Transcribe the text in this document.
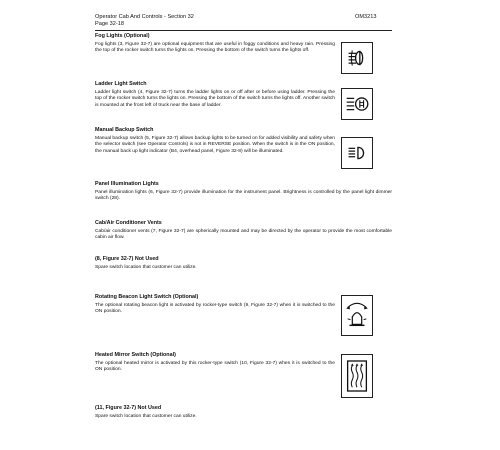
Operator Cab And Controls - Section 32
Page 32-18
OM3213

Fog Lights (Optional)

Fog lights (3, Figure 32-7) are optional equipment that are useful in foggy conditions and heavy rain. Pressing the top of the rocker switch turns the lights on. Pressing the bottom of the switch turns the lights off.

Ladder Light Switch

Ladder light switch (4, Figure 32-7) turns the ladder lights on or off after or before using ladder. Pressing the top of the rocker switch turns the lights on. Pressing the bottom of the switch turns the lights off. Another switch is mounted at the front left of truck near the base of ladder.

Manual Backup Switch

Manual backup switch (5, Figure 32-7) allows backup lights to be turned on for added visibility and safety when the selector switch (see Operator Controls) is not in REVERSE position. When the switch is in the ON position, the manual back up light indicator (B4, overhead panel, Figure 32-8) will be illuminated.

Panel Illumination Lights

Panel illumination lights (6, Figure 32-7) provide illumination for the instrument panel. Brightness is controlled by the panel light dimmer switch (28).

Cab/Air Conditioner Vents

Cab/air conditioner vents (7, Figure 32-7) are spherically mounted and may be directed by the operator to provide the most comfortable cabin air flow.

(8, Figure 32-7) Not Used

Spare switch location that customer can utilize.

Rotating Beacon Light Switch (Optional)

The optional rotating beacon light is activated by rocker-type switch (9, Figure 32-7) when it is switched to the ON position.

Heated Mirror Switch (Optional)

The optional heated mirror is activated by this rocker-type switch (10, Figure 32-7) when it is switched to the ON position.

(11, Figure 32-7) Not Used

Spare switch location that customer can utilize.
